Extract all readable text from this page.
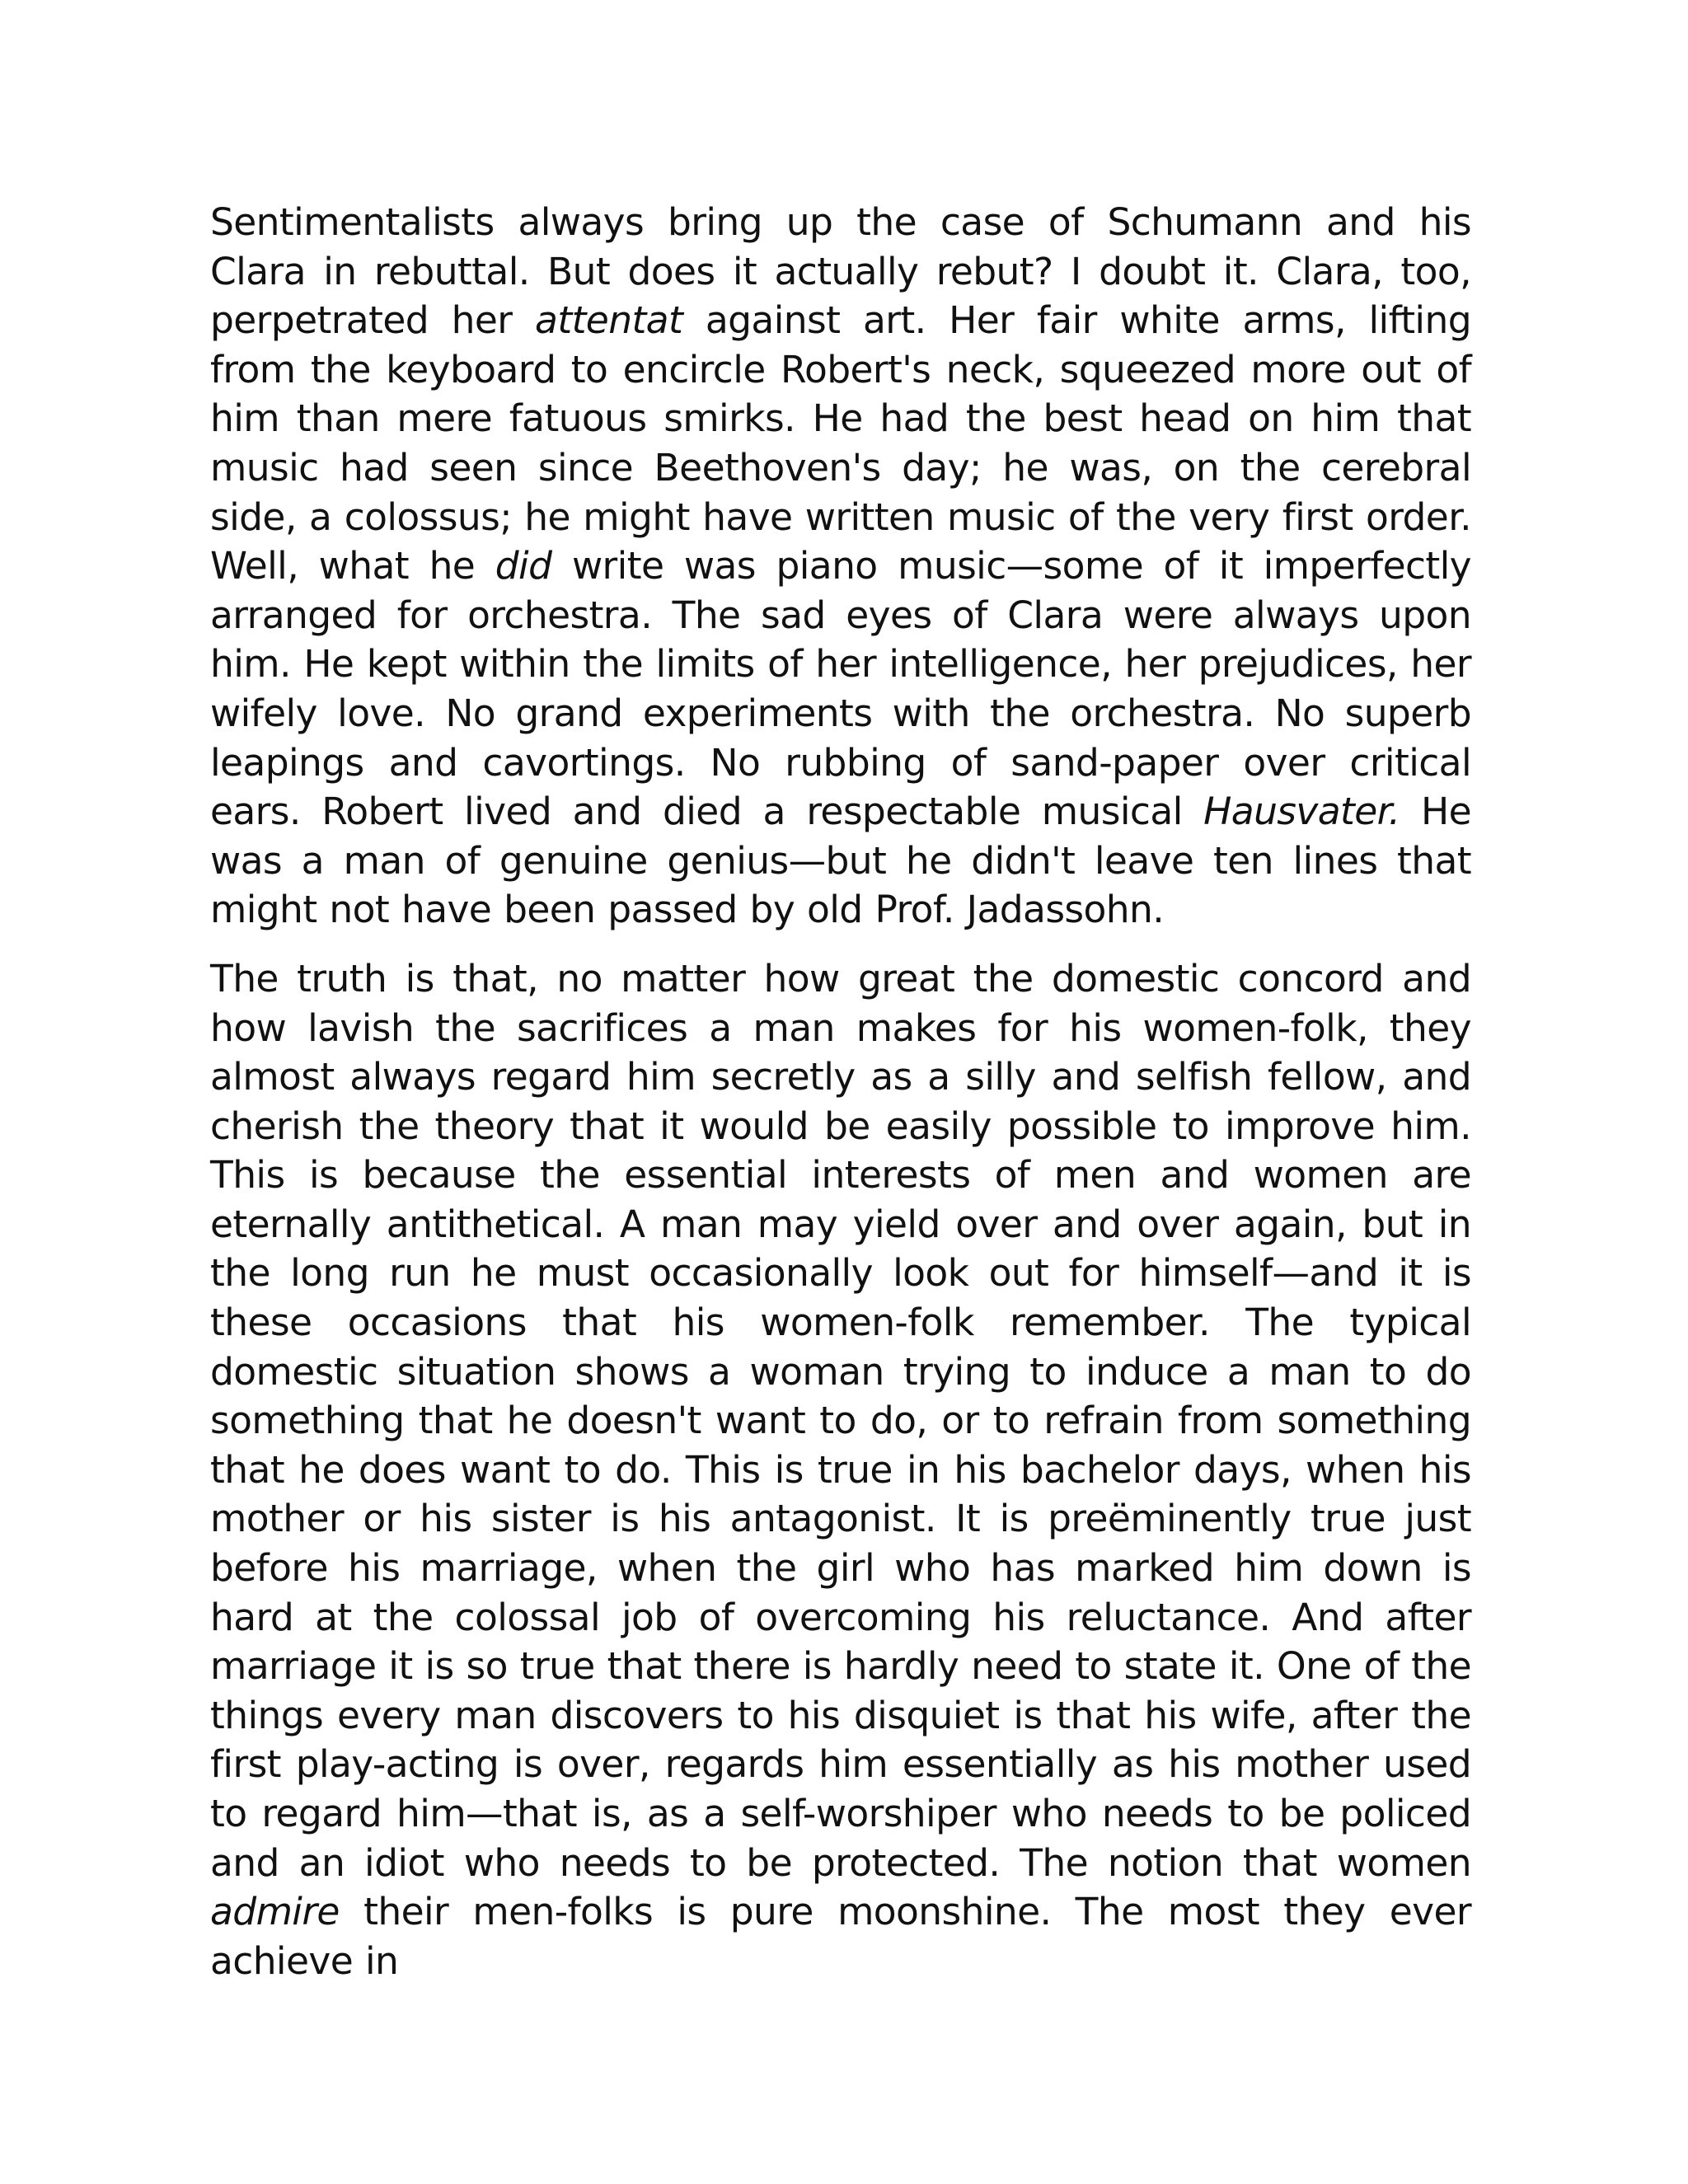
Sentimentalists always bring up the case of Schumann and his Clara in rebuttal. But does it actually rebut? I doubt it. Clara, too, perpetrated her attentat against art. Her fair white arms, lifting from the keyboard to encircle Robert's neck, squeezed more out of him than mere fatuous smirks. He had the best head on him that music had seen since Beethoven's day; he was, on the cerebral side, a colossus; he might have written music of the very first order. Well, what he did write was piano music—some of it imperfectly arranged for orchestra. The sad eyes of Clara were always upon him. He kept within the limits of her intelligence, her prejudices, her wifely love. No grand experiments with the orchestra. No superb leapings and cavortings. No rubbing of sand-paper over critical ears. Robert lived and died a respectable musical Hausvater. He was a man of genuine genius—but he didn't leave ten lines that might not have been passed by old Prof. Jadassohn.

The truth is that, no matter how great the domestic concord and how lavish the sacrifices a man makes for his women-folk, they almost always regard him secretly as a silly and selfish fellow, and cherish the theory that it would be easily possible to improve him. This is because the essential interests of men and women are eternally antithetical. A man may yield over and over again, but in the long run he must occasionally look out for himself—and it is these occasions that his women-folk remember. The typical domestic situation shows a woman trying to induce a man to do something that he doesn't want to do, or to refrain from something that he does want to do. This is true in his bachelor days, when his mother or his sister is his antagonist. It is preëminently true just before his marriage, when the girl who has marked him down is hard at the colossal job of overcoming his reluctance. And after marriage it is so true that there is hardly need to state it. One of the things every man discovers to his disquiet is that his wife, after the first play-acting is over, regards him essentially as his mother used to regard him—that is, as a self-worshiper who needs to be policed and an idiot who needs to be protected. The notion that women admire their men-folks is pure moonshine. The most they ever achieve in
